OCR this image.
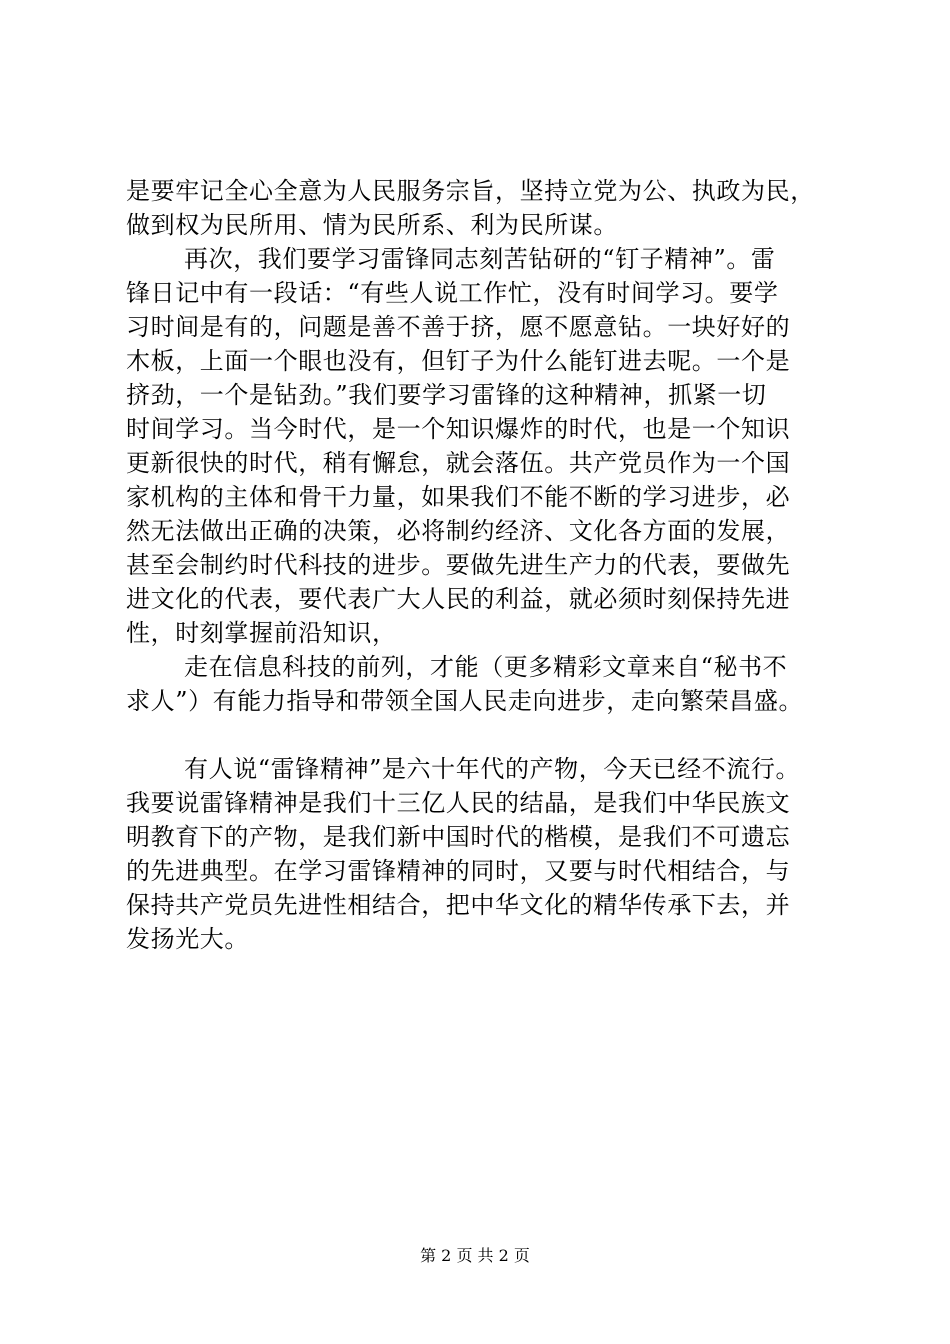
是要牢记全心全意为人民服务宗旨，坚持立党为公、执政为民，
做到权为民所用、情为民所系、利为民所谋。
再次，我们要学习雷锋同志刻苦钻研的“钉子精神”。雷
锋日记中有一段话：“有些人说工作忙，没有时间学习。要学
习时间是有的，问题是善不善于挤，愿不愿意钻。一块好好的
木板，上面一个眼也没有，但钉子为什么能钉进去呢。一个是
挤劲，一个是钻劲。”我们要学习雷锋的这种精神，抓紧一切
时间学习。当今时代，是一个知识爆炸的时代，也是一个知识
更新很快的时代，稍有懈怠，就会落伍。共产党员作为一个国
家机构的主体和骨干力量，如果我们不能不断的学习进步，必
然无法做出正确的决策，必将制约经济、文化各方面的发展，
甚至会制约时代科技的进步。要做先进生产力的代表，要做先
进文化的代表，要代表广大人民的利益，就必须时刻保持先进
性，时刻掌握前沿知识，
走在信息科技的前列，才能（更多精彩文章来自“秘书不
求人”）有能力指导和带领全国人民走向进步，走向繁荣昌盛。
有人说“雷锋精神”是六十年代的产物，今天已经不流行。
我要说雷锋精神是我们十三亿人民的结晶，是我们中华民族文
明教育下的产物，是我们新中国时代的楷模，是我们不可遗忘
的先进典型。在学习雷锋精神的同时，又要与时代相结合，与
保持共产党员先进性相结合，把中华文化的精华传承下去，并
发扬光大。
第 2 页 共 2 页
